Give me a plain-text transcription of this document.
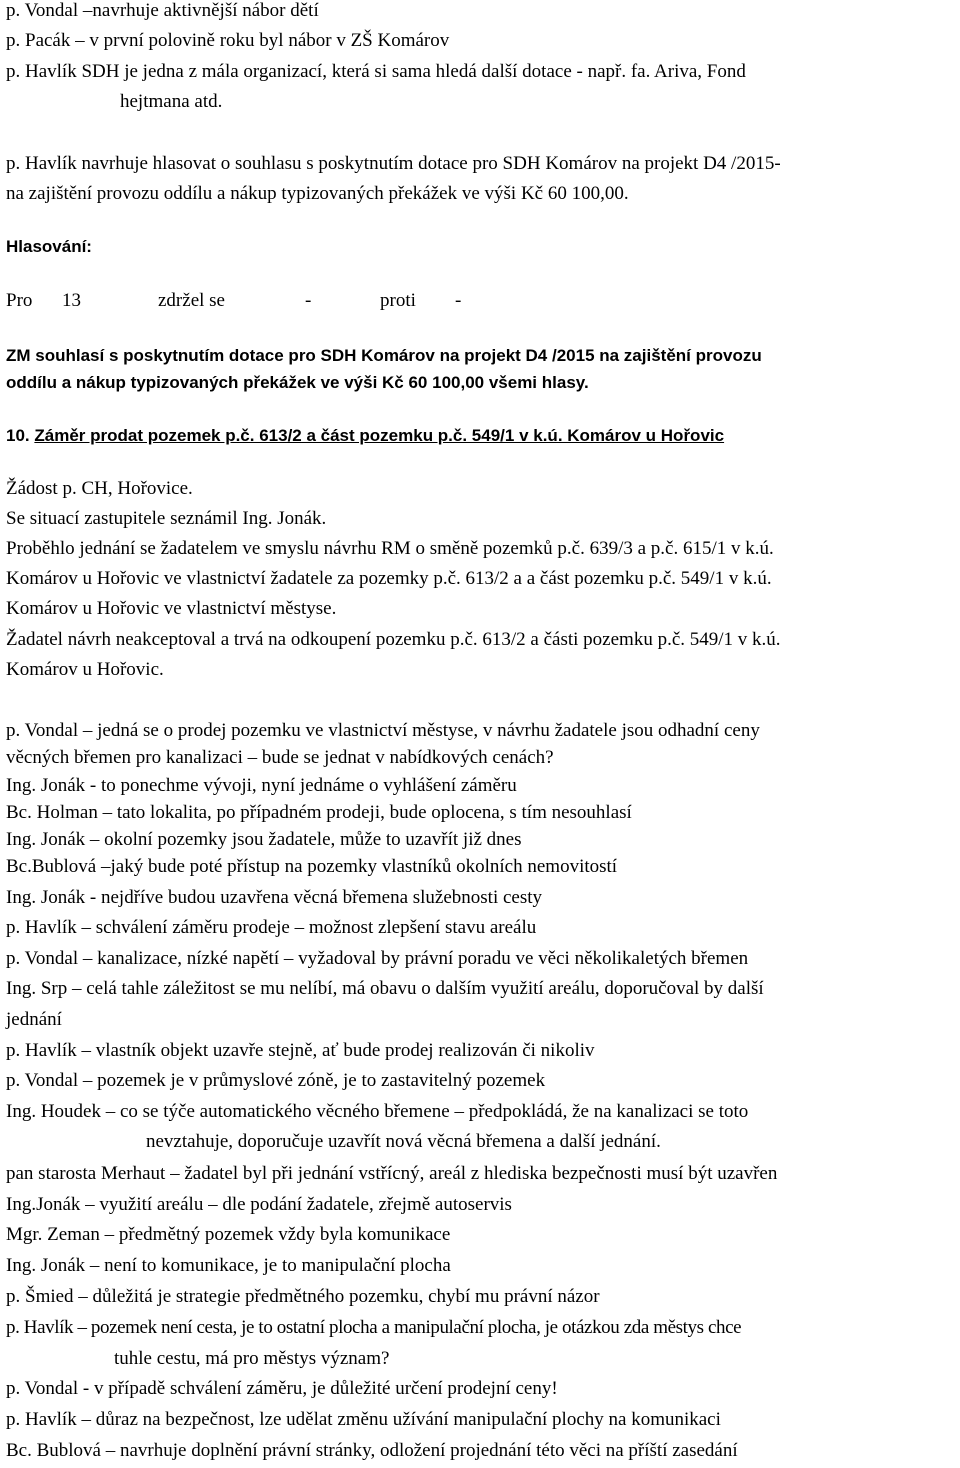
p. Vondal –navrhuje aktivnější nábor dětí
p. Pacák – v první polovině roku byl nábor v ZŠ Komárov
p. Havlík SDH je jedna z mála organizací, která si sama hledá další dotace - např. fa. Ariva, Fond
hejtmana atd.
p. Havlík navrhuje hlasovat o souhlasu s poskytnutím dotace pro SDH Komárov na projekt D4 /2015-
na zajištění provozu oddílu a nákup typizovaných překážek ve výši Kč 60 100,00.
Hlasování:
Pro 13	zdržel se	-	proti -
ZM souhlasí s poskytnutím dotace pro SDH Komárov na projekt D4 /2015 na zajištění provozu
oddílu a nákup typizovaných překážek ve výši Kč 60 100,00 všemi hlasy.
10. Záměr prodat pozemek p.č. 613/2 a část pozemku p.č. 549/1 v k.ú. Komárov u Hořovic
Žádost p. CH, Hořovice.
Se situací zastupitele seznámil Ing. Jonák.
Proběhlo jednání se žadatelem ve smyslu návrhu RM o směně pozemků p.č. 639/3 a p.č. 615/1 v k.ú.
Komárov u Hořovic ve vlastnictví žadatele za pozemky p.č. 613/2 a a část pozemku p.č. 549/1 v k.ú.
Komárov u Hořovic ve vlastnictví městyse.
Žadatel návrh neakceptoval a trvá na odkoupení pozemku p.č. 613/2 a části pozemku p.č. 549/1 v k.ú.
Komárov u Hořovic.
p. Vondal – jedná se o prodej pozemku ve vlastnictví městyse, v návrhu žadatele jsou odhadní ceny
věcných břemen pro kanalizaci – bude se jednat v nabídkových cenách?
Ing. Jonák - to ponechme vývoji, nyní jednáme o vyhlášení záměru
Bc. Holman – tato lokalita, po případném prodeji, bude oplocena, s tím nesouhlasí
Ing. Jonák – okolní pozemky jsou žadatele, může to uzavřít již dnes
Bc.Bublová –jaký bude poté přístup na pozemky vlastníků okolních nemovitostí
Ing. Jonák - nejdříve budou uzavřena věcná břemena služebnosti cesty
p. Havlík – schválení záměru prodeje – možnost zlepšení stavu areálu
p. Vondal – kanalizace, nízké napětí – vyžadoval by právní poradu ve věci několikaletých břemen
Ing. Srp – celá tahle záležitost se mu nelíbí, má obavu o dalším využití areálu, doporučoval by další
jednání
p. Havlík – vlastník objekt uzavře stejně, ať bude prodej realizován či nikoliv
p. Vondal – pozemek je v průmyslové zóně, je to zastavitelný pozemek
Ing. Houdek – co se týče automatického věcného břemene – předpokládá, že na kanalizaci se toto
nevztahuje, doporučuje uzavřít nová věcná břemena a další jednání.
pan starosta Merhaut – žadatel byl při jednání vstřícný, areál z hlediska bezpečnosti musí být uzavřen
Ing.Jonák – využití areálu – dle podání žadatele, zřejmě autoservis
Mgr. Zeman – předmětný pozemek vždy byla komunikace
Ing. Jonák – není to komunikace, je to manipulační plocha
p. Šmied – důležitá je strategie předmětného pozemku, chybí mu právní názor
p. Havlík – pozemek není cesta, je to ostatní plocha a manipulační plocha, je otázkou zda městys chce
tuhle cestu, má pro městys význam?
p. Vondal - v případě schválení záměru, je důležité určení prodejní ceny!
p. Havlík – důraz na bezpečnost, lze udělat změnu užívání manipulační plochy na komunikaci
Bc. Bublová – navrhuje doplnění právní stránky, odložení projednání této věci na příští zasedání
